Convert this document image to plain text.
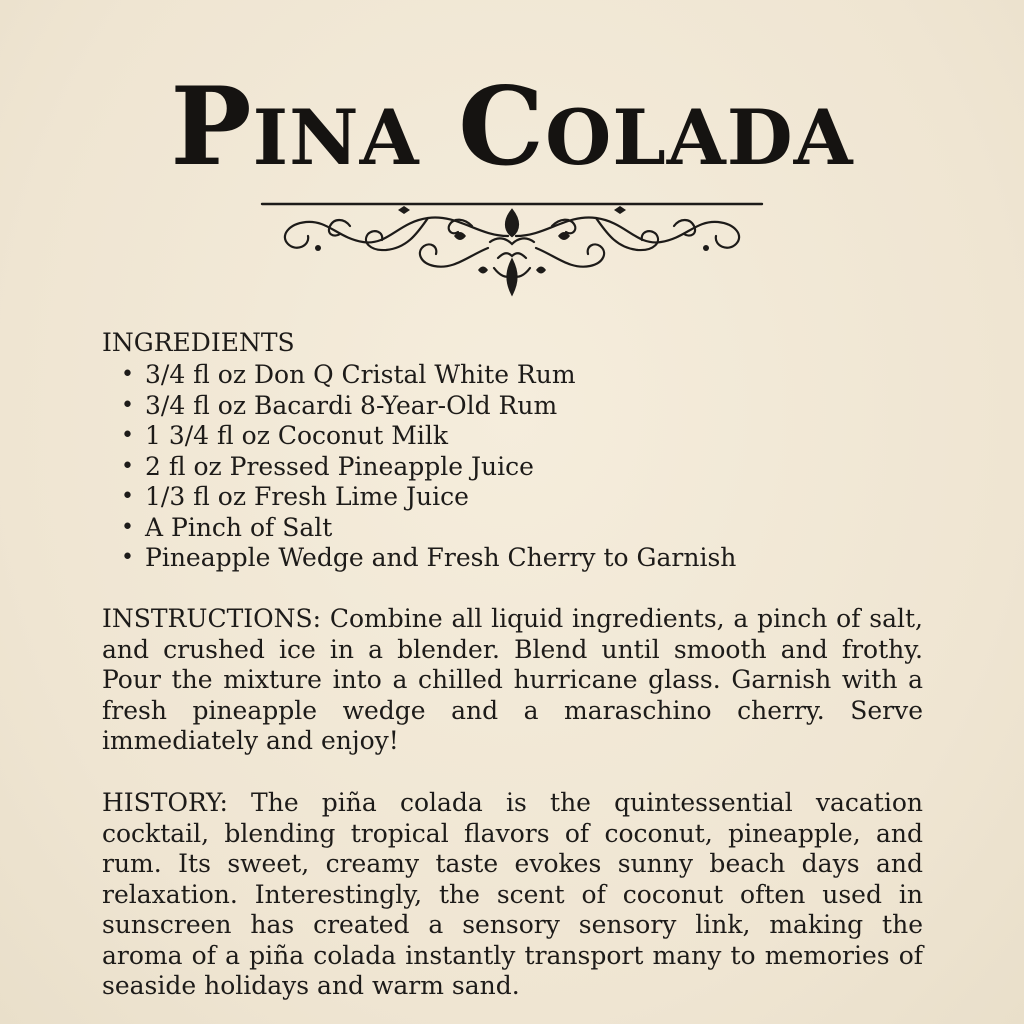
Pina Colada
INGREDIENTS
• 3/4 fl oz Don Q Cristal White Rum
• 3/4 fl oz Bacardi 8-Year-Old Rum
• 1 3/4 fl oz Coconut Milk
• 2 fl oz Pressed Pineapple Juice
• 1/3 fl oz Fresh Lime Juice
• A Pinch of Salt
• Pineapple Wedge and Fresh Cherry to Garnish
INSTRUCTIONS: Combine all liquid ingredients, a pinch of salt, and crushed ice in a blender. Blend until smooth and frothy. Pour the mixture into a chilled hurricane glass. Garnish with a fresh pineapple wedge and a maraschino cherry. Serve immediately and enjoy!
HISTORY: The piña colada is the quintessential vacation cocktail, blending tropical flavors of coconut, pineapple, and rum. Its sweet, creamy taste evokes sunny beach days and relaxation. Interestingly, the scent of coconut often used in sunscreen has created a sensory sensory link, making the aroma of a piña colada instantly transport many to memories of seaside holidays and warm sand.
